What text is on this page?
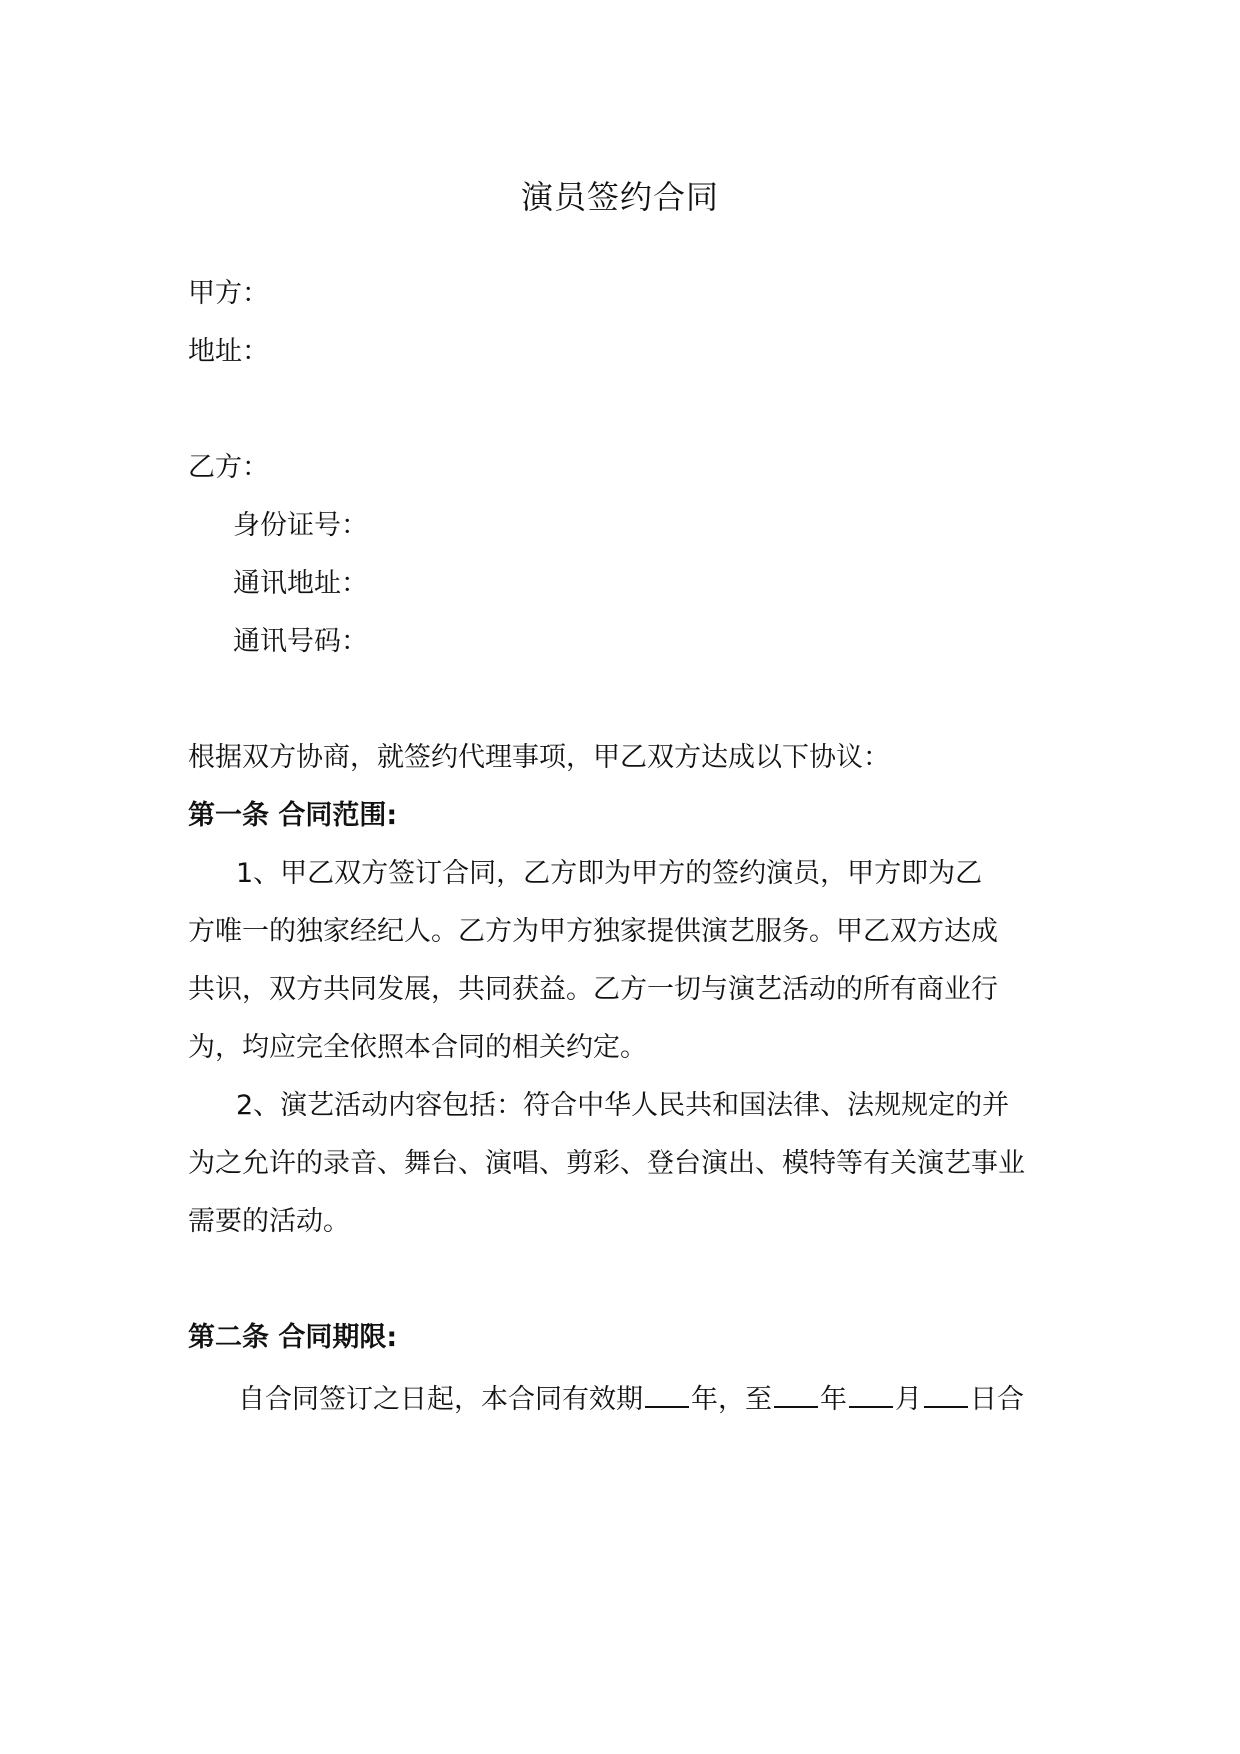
演员签约合同
甲方：
地址：
乙方：
身份证号：
通讯地址：
通讯号码：
根据双方协商，就签约代理事项，甲乙双方达成以下协议：
第一条 合同范围:
1、甲乙双方签订合同，乙方即为甲方的签约演员，甲方即为乙
方唯一的独家经纪人。乙方为甲方独家提供演艺服务。甲乙双方达成
共识，双方共同发展，共同获益。乙方一切与演艺活动的所有商业行
为，均应完全依照本合同的相关约定。
2、演艺活动内容包括：符合中华人民共和国法律、法规规定的并
为之允许的录音、舞台、演唱、剪彩、登台演出、模特等有关演艺事业
需要的活动。
第二条 合同期限:
自合同签订之日起，本合同有效期 年，至 年 月 日合
